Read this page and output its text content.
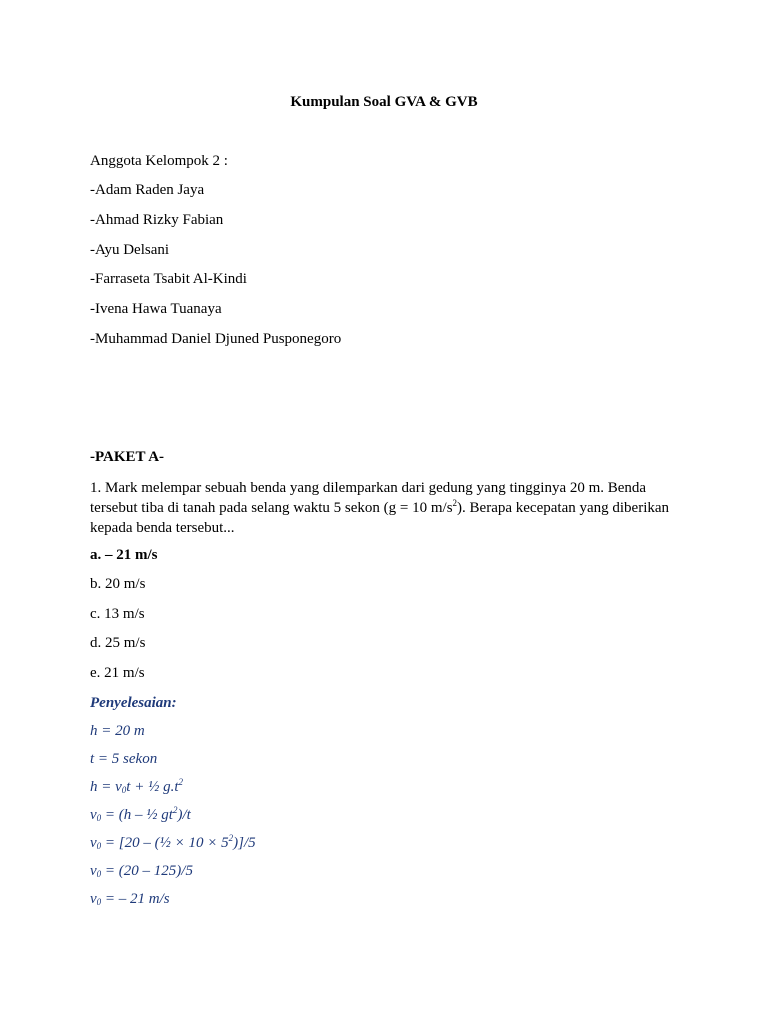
Kumpulan Soal GVA & GVB
Anggota Kelompok 2 :
-Adam Raden Jaya
-Ahmad Rizky Fabian
-Ayu Delsani
-Farraseta Tsabit Al-Kindi
-Ivena Hawa Tuanaya
-Muhammad Daniel Djuned Pusponegoro
-PAKET A-
1. Mark melempar sebuah benda yang dilemparkan dari gedung yang tingginya 20 m. Benda tersebut tiba di tanah pada selang waktu 5 sekon (g = 10 $m/s^2$). Berapa kecepatan yang diberikan kepada benda tersebut...
a. – 21 m/s
b. 20 m/s
c. 13 m/s
d. 25 m/s
e. 21 m/s
Penyelesaian:
h = 20 m
t = 5 sekon
$h = v_0t$ + ½ $g.t^2$
$v_0 = (h$ – ½ $gt^2)/t$
$v_0 = [20$ – (½ × $10 \times 5^2)]/5$
$v_0 = (20 - 125)/5$
$v_0$ = – 21 m/s
